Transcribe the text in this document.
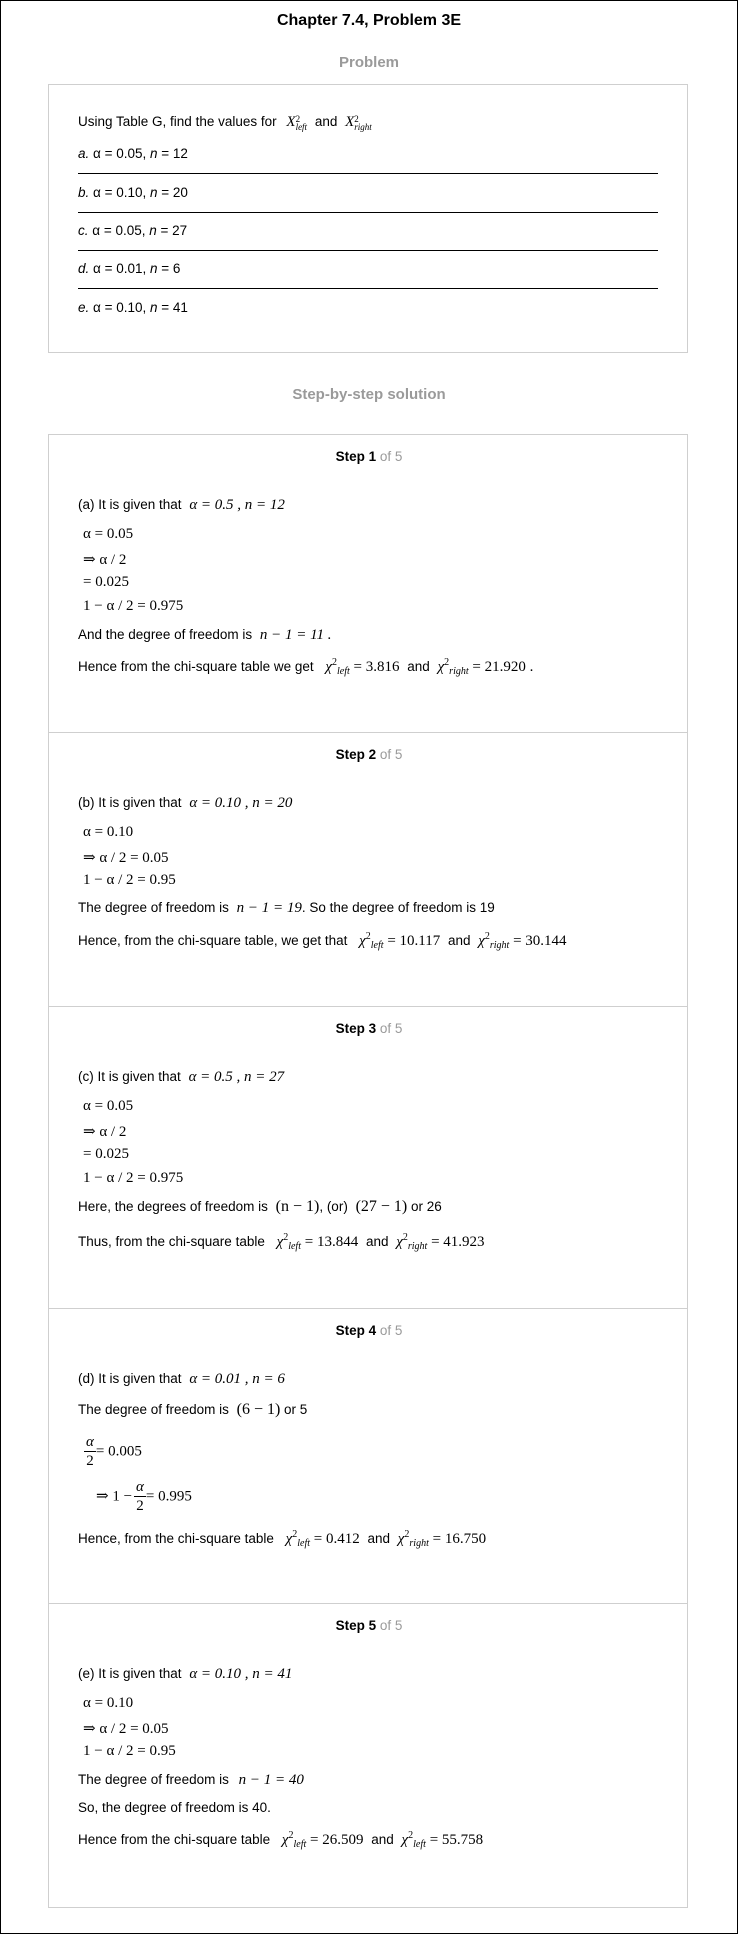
Chapter 7.4, Problem 3E
Problem
Using Table G, find the values for X 2
left and X 2
right
a. α = 0.05, n = 12
b. α = 0.10, n = 20
c. α = 0.05, n = 27
d. α = 0.01, n = 6
e. α = 0.10, n = 41
Step-by-step solution
Step 1 of 5
(a) It is given that α = 0.5 , n = 12
α = 0.05
⇒ α / 2
= 0.025
1 − α / 2 = 0.975
And the degree of freedom is n − 1 = 11 .
Hence from the chi-square table we get $\chi^2_{left} = 3.816$ and $\chi^2_{right} = 21.920$ .
Step 2 of 5
(b) It is given that α = 0.10 , n = 20
α = 0.10
⇒ α / 2 = 0.05
1 − α / 2 = 0.95
The degree of freedom is n − 1 = 19. So the degree of freedom is 19
Hence, from the chi-square table, we get that $\chi^2_{left} = 10.117$ and $\chi^2_{right} = 30.144$
Step 3 of 5
(c) It is given that α = 0.5 , n = 27
α = 0.05
⇒ α / 2
= 0.025
1 − α / 2 = 0.975
Here, the degrees of freedom is (n − 1), (or) (27 − 1) or 26
Thus, from the chi-square table $\chi^2_{left} = 13.844$ and $\chi^2_{right} = 41.923$
Step 4 of 5
(d) It is given that α = 0.01 , n = 6
The degree of freedom is (6 − 1) or 5
$\frac{\alpha}{2} = 0.005$
⇒ $1 - \frac{\alpha}{2} = 0.995$
Hence, from the chi-square table $\chi^2_{left} = 0.412$ and $\chi^2_{right} = 16.750$
Step 5 of 5
(e) It is given that α = 0.10 , n = 41
α = 0.10
⇒ α / 2 = 0.05
1 − α / 2 = 0.95
The degree of freedom is n − 1 = 40
So, the degree of freedom is 40.
Hence from the chi-square table $\chi^2_{left} = 26.509$ and $\chi^2_{left} = 55.758$
